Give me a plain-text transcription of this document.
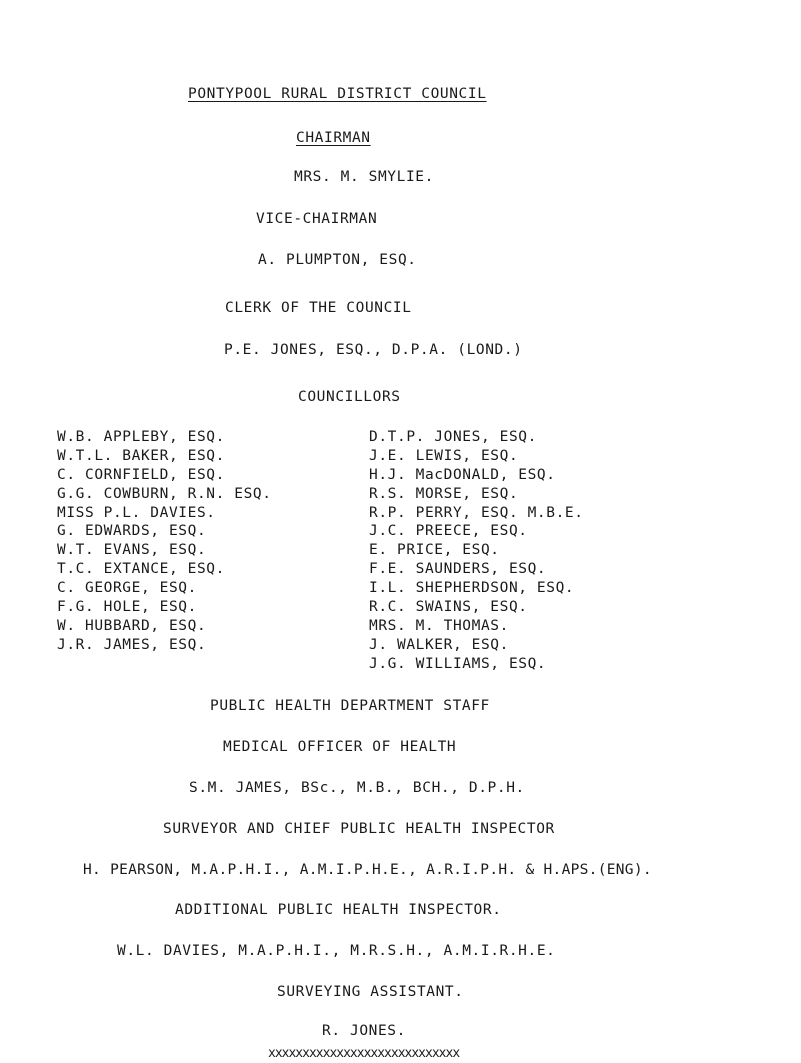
PONTYPOOL RURAL DISTRICT COUNCIL
CHAIRMAN
MRS. M. SMYLIE.
VICE-CHAIRMAN
A. PLUMPTON, ESQ.
CLERK OF THE COUNCIL
P.E. JONES, ESQ., D.P.A. (LOND.)
COUNCILLORS
W.B. APPLEBY, ESQ.
W.T.L. BAKER, ESQ.
C. CORNFIELD, ESQ.
G.G. COWBURN, R.N. ESQ.
MISS P.L. DAVIES.
G. EDWARDS, ESQ.
W.T. EVANS, ESQ.
T.C. EXTANCE, ESQ.
C. GEORGE, ESQ.
F.G. HOLE, ESQ.
W. HUBBARD, ESQ.
J.R. JAMES, ESQ.
D.T.P. JONES, ESQ.
J.E. LEWIS, ESQ.
H.J. MacDONALD, ESQ.
R.S. MORSE, ESQ.
R.P. PERRY, ESQ. M.B.E.
J.C. PREECE, ESQ.
E. PRICE, ESQ.
F.E. SAUNDERS, ESQ.
I.L. SHEPHERDSON, ESQ.
R.C. SWAINS, ESQ.
MRS. M. THOMAS.
J. WALKER, ESQ.
J.G. WILLIAMS, ESQ.
PUBLIC HEALTH DEPARTMENT STAFF
MEDICAL OFFICER OF HEALTH
S.M. JAMES, BSc., M.B., BCH., D.P.H.
SURVEYOR AND CHIEF PUBLIC HEALTH INSPECTOR
H. PEARSON, M.A.P.H.I., A.M.I.P.H.E., A.R.I.P.H. & H.APS.(ENG).
ADDITIONAL PUBLIC HEALTH INSPECTOR.
W.L. DAVIES, M.A.P.H.I., M.R.S.H., A.M.I.R.H.E.
SURVEYING ASSISTANT.
R. JONES.
xxxxxxxxxxxxxxxxxxxxxxxxxxxx
